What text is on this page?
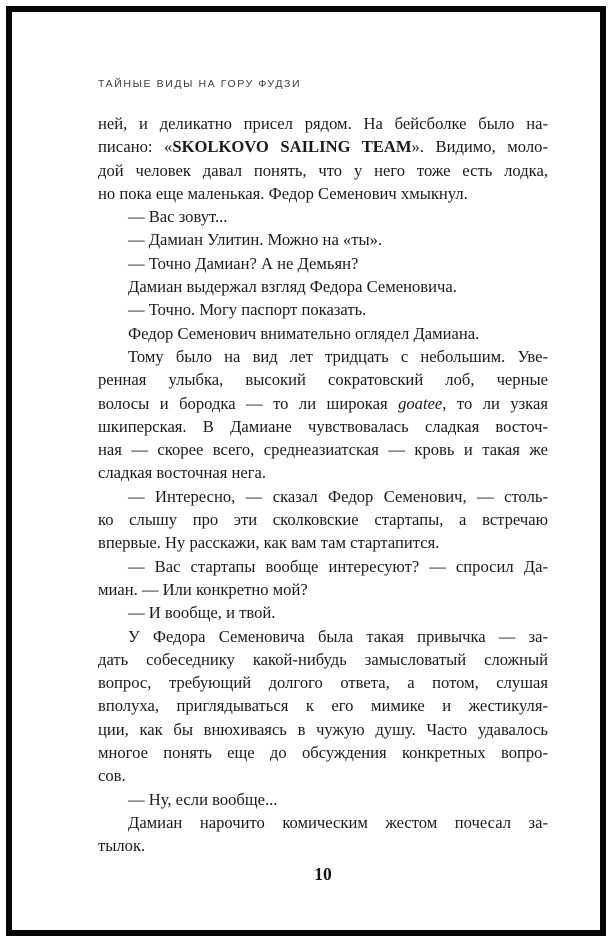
ТАЙНЫЕ ВИДЫ НА ГОРУ ФУДЗИ
ней, и деликатно присел рядом. На бейсболке было на-
писано: «SKOLKOVO SAILING TEAM». Видимо, моло-
дой человек давал понять, что у него тоже есть лодка,
но пока еще маленькая. Федор Семенович хмыкнул.
— Вас зовут...
— Дамиан Улитин. Можно на «ты».
— Точно Дамиан? А не Демьян?
Дамиан выдержал взгляд Федора Семеновича.
— Точно. Могу паспорт показать.
Федор Семенович внимательно оглядел Дамиана.
Тому было на вид лет тридцать с небольшим. Уве-
ренная улыбка, высокий сократовский лоб, черные
волосы и бородка — то ли широкая goatee, то ли узкая
шкиперская. В Дамиане чувствовалась сладкая восточ-
ная — скорее всего, среднеазиатская — кровь и такая же
сладкая восточная нега.
— Интересно, — сказал Федор Семенович, — столь-
ко слышу про эти сколковские стартапы, а встречаю
впервые. Ну расскажи, как вам там стартапится.
— Вас стартапы вообще интересуют? — спросил Да-
миан. — Или конкретно мой?
— И вообще, и твой.
У Федора Семеновича была такая привычка — за-
дать собеседнику какой-нибудь замысловатый сложный
вопрос, требующий долгого ответа, а потом, слушая
вполуха, приглядываться к его мимике и жестикуля-
ции, как бы внюхиваясь в чужую душу. Часто удавалось
многое понять еще до обсуждения конкретных вопро-
сов.
— Ну, если вообще...
Дамиан нарочито комическим жестом почесал за-
тылок.
10
